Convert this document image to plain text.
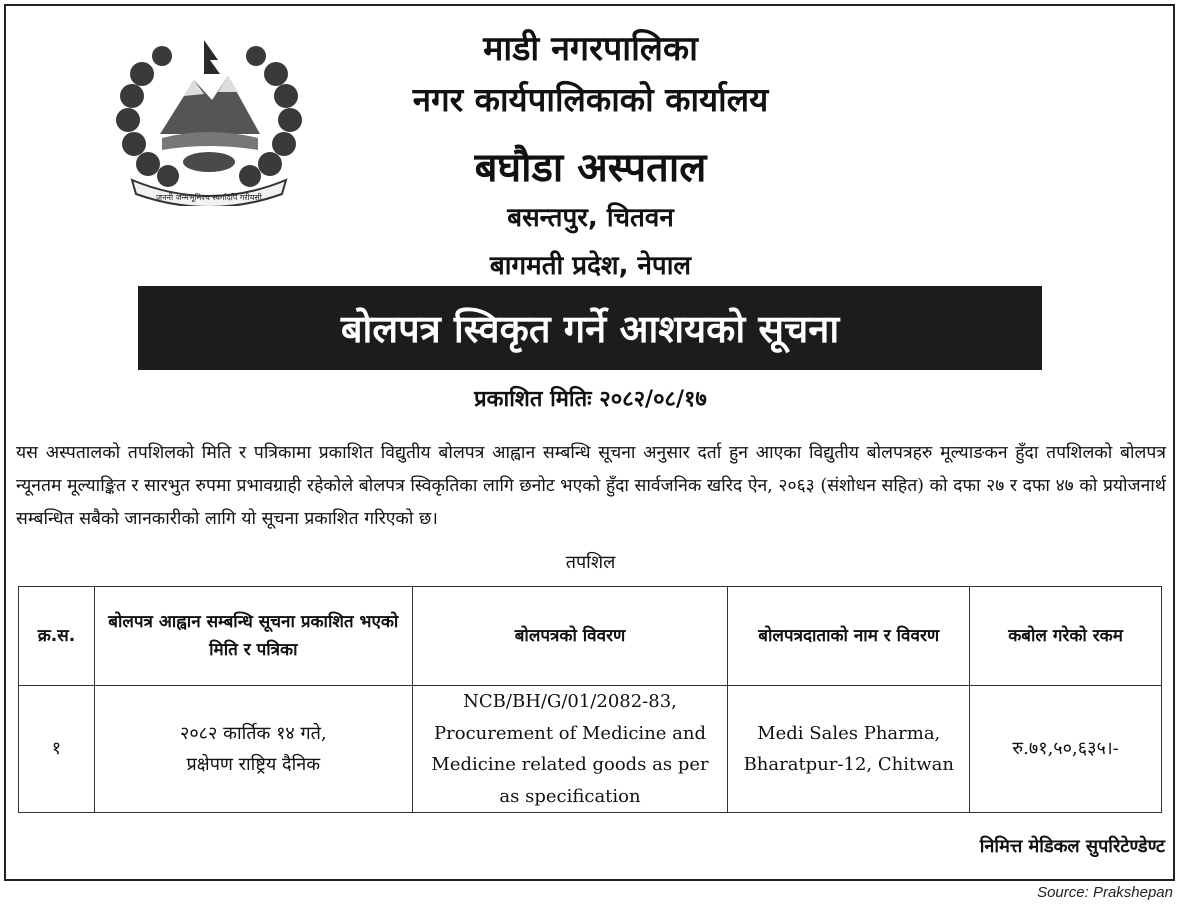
जननी जन्मभूमिश्च स्वर्गादपि गरीयसी
माडी नगरपालिका
नगर कार्यपालिकाको कार्यालय
बघौडा अस्पताल
बसन्तपुर, चितवन
बागमती प्रदेश, नेपाल
बोलपत्र स्विकृत गर्ने आशयको सूचना
प्रकाशित मितिः २०८२/०८/१७
यस अस्पतालको तपशिलको मिति र पत्रिकामा प्रकाशित विद्युतीय बोलपत्र आह्वान सम्बन्धि सूचना अनुसार दर्ता हुन आएका विद्युतीय बोलपत्रहरु मूल्याङकन हुँदा तपशिलको बोलपत्र न्यूनतम मूल्याङ्कित र सारभुत रुपमा प्रभावग्राही रहेकोले बोलपत्र स्विकृतिका लागि छनोट भएको हुँदा सार्वजनिक खरिद ऐन, २०६३ (संशोधन सहित) को दफा २७ र दफा ४७ को प्रयोजनार्थ सम्बन्धित सबैको जानकारीको लागि यो सूचना प्रकाशित गरिएको छ।
तपशिल
क्र.स.	बोलपत्र आह्वान सम्बन्धि सूचना प्रकाशित भएको मिति र पत्रिका	बोलपत्रको विवरण	बोलपत्रदाताको नाम र विवरण	कबोल गरेको रकम
१	२०८२ कार्तिक १४ गते, प्रक्षेपण राष्ट्रिय दैनिक	NCB/BH/G/01/2082-83, Procurement of Medicine and Medicine related goods as per as specification	Medi Sales Pharma, Bharatpur-12, Chitwan	रु.७१,५०,६३५।-
निमित्त मेडिकल सुपरिटेण्डेण्ट
Source: Prakshepan
